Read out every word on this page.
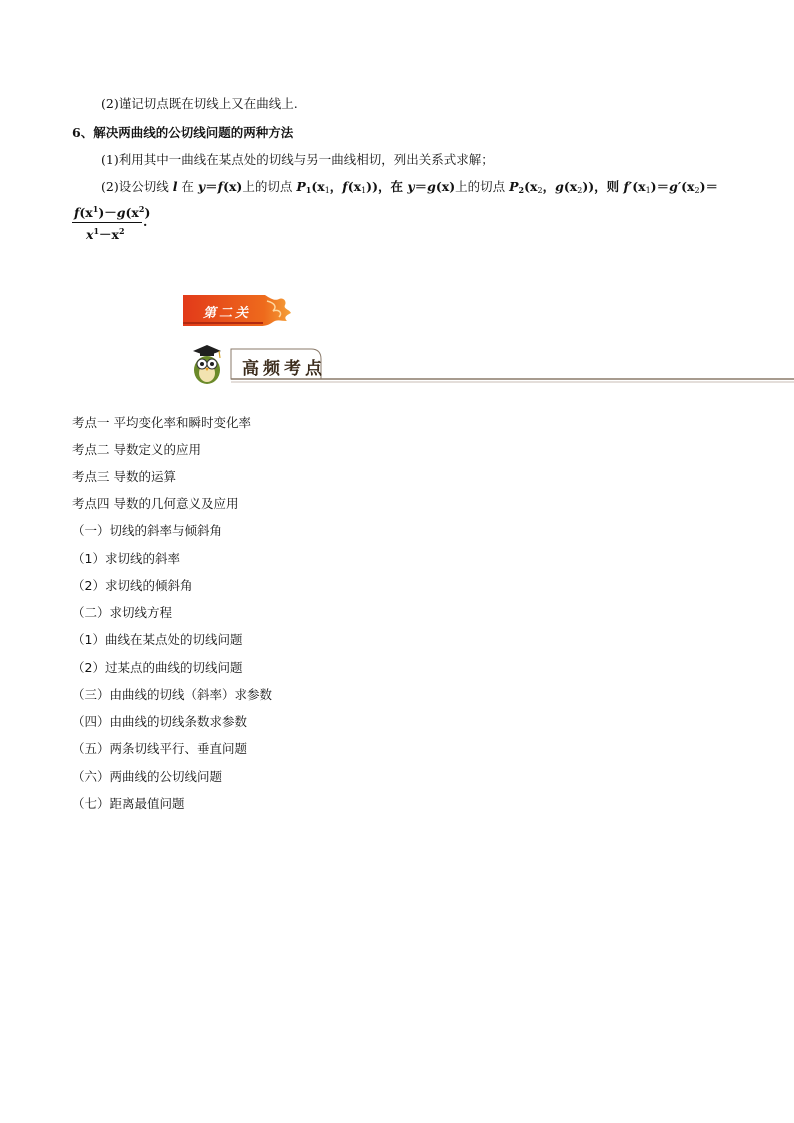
(2)谨记切点既在切线上又在曲线上.
6、解决两曲线的公切线问题的两种方法
(1)利用其中一曲线在某点处的切线与另一曲线相切，列出关系式求解；
(2)设公切线 l 在 y＝f(x)上的切点 $P_1(x_1$，$f(x_1)$)，在 y＝g(x)上的切点 $P_2(x_2$，$g(x_2)$)，则 $f'(x_1)=g'(x_2)=$
$f(x^1)-g(x^2)$
$x^1-x^2$
.
第二关
高频考点
考点一 平均变化率和瞬时变化率
考点二 导数定义的应用
考点三 导数的运算
考点四 导数的几何意义及应用
（一）切线的斜率与倾斜角
（1）求切线的斜率
（2）求切线的倾斜角
（二）求切线方程
（1）曲线在某点处的切线问题
（2）过某点的曲线的切线问题
（三）由曲线的切线（斜率）求参数
（四）由曲线的切线条数求参数
（五）两条切线平行、垂直问题
（六）两曲线的公切线问题
（七）距离最值问题
